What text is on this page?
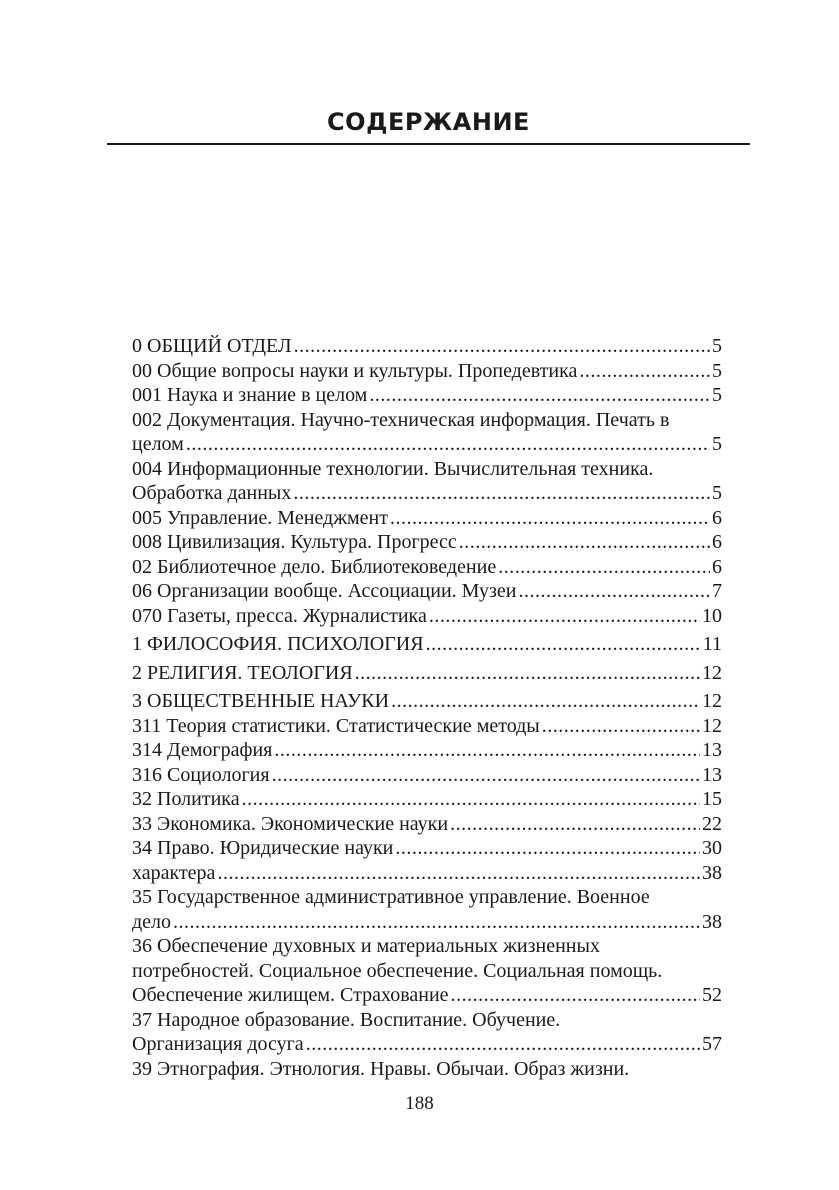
СОДЕРЖАНИЕ
0 ОБЩИЙ ОТДЕЛ .....	5
00 Общие вопросы науки и культуры. Пропедевтика .....	5
001 Наука и знание в целом .....	5
002 Документация. Научно-техническая информация. Печать в
целом .....	5
004 Информационные технологии. Вычислительная техника.
Обработка данных .....	5
005 Управление. Менеджмент .....	6
008 Цивилизация. Культура. Прогресс .....	6
02 Библиотечное дело. Библиотековедение .....	6
06 Организации вообще. Ассоциации. Музеи .....	7
070 Газеты, пресса. Журналистика .....	10
1 ФИЛОСОФИЯ. ПСИХОЛОГИЯ .....	11
2 РЕЛИГИЯ. ТЕОЛОГИЯ .....	12
3 ОБЩЕСТВЕННЫЕ НАУКИ .....	12
311 Теория статистики. Статистические методы .....	12
314 Демография .....	13
316 Социология .....	13
32 Политика .....	15
33 Экономика. Экономические науки .....	22
34 Право. Юридические науки .....	30
характера .....	38
35 Государственное административное управление. Военное
дело .....	38
36 Обеспечение духовных и материальных жизненных
потребностей. Социальное обеспечение. Социальная помощь.
Обеспечение жилищем. Страхование .....	52
37 Народное образование. Воспитание. Обучение.
Организация досуга .....	57
39 Этнография. Этнология. Нравы. Обычаи. Образ жизни.
188
